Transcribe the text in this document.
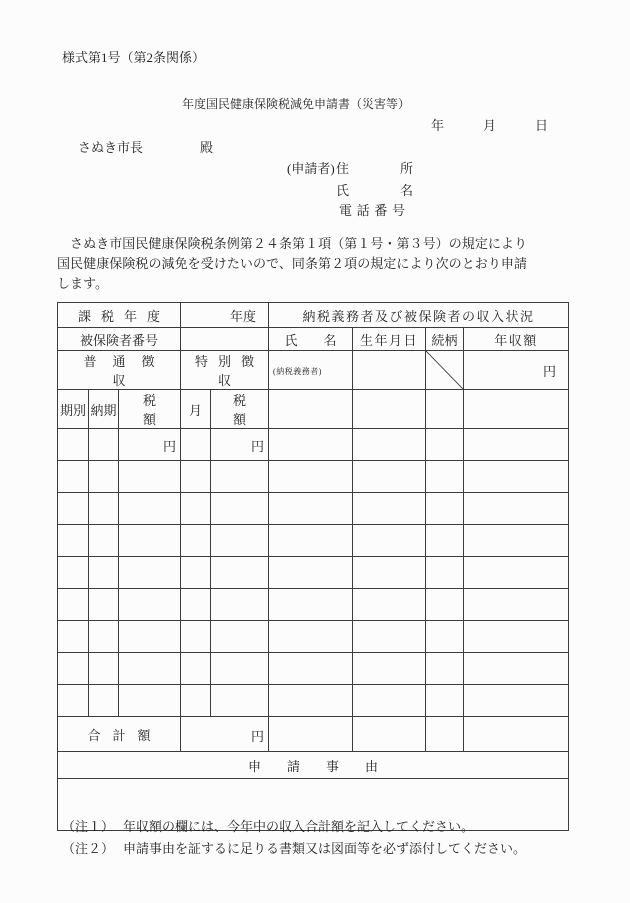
様式第1号（第2条関係）
年度国民健康保険税減免申請書（災害等）
年　　　月　　　日
さぬき市長	殿
(申請者) 住　所
氏　名
電話番号
　さぬき市国民健康保険税条例第２４条第１項（第１号・第３号）の規定により国民健康保険税の減免を受けたいので、同条第２項の規定により次のとおり申請します。
課税年度			年度		納税義務者及び被保険者の収入状況			
被保険者番号					氏　　名	生年月日	続柄	年収額
普通徴収			特別徴収		(納税義務者)			円
期別	納期	税額	月	税額				
		円		円				

合計額			円					
申　　請　　事　　由								

（注１） 年収額の欄には、今年中の収入合計額を記入してください。
（注２） 申請事由を証するに足りる書類又は図面等を必ず添付してください。
